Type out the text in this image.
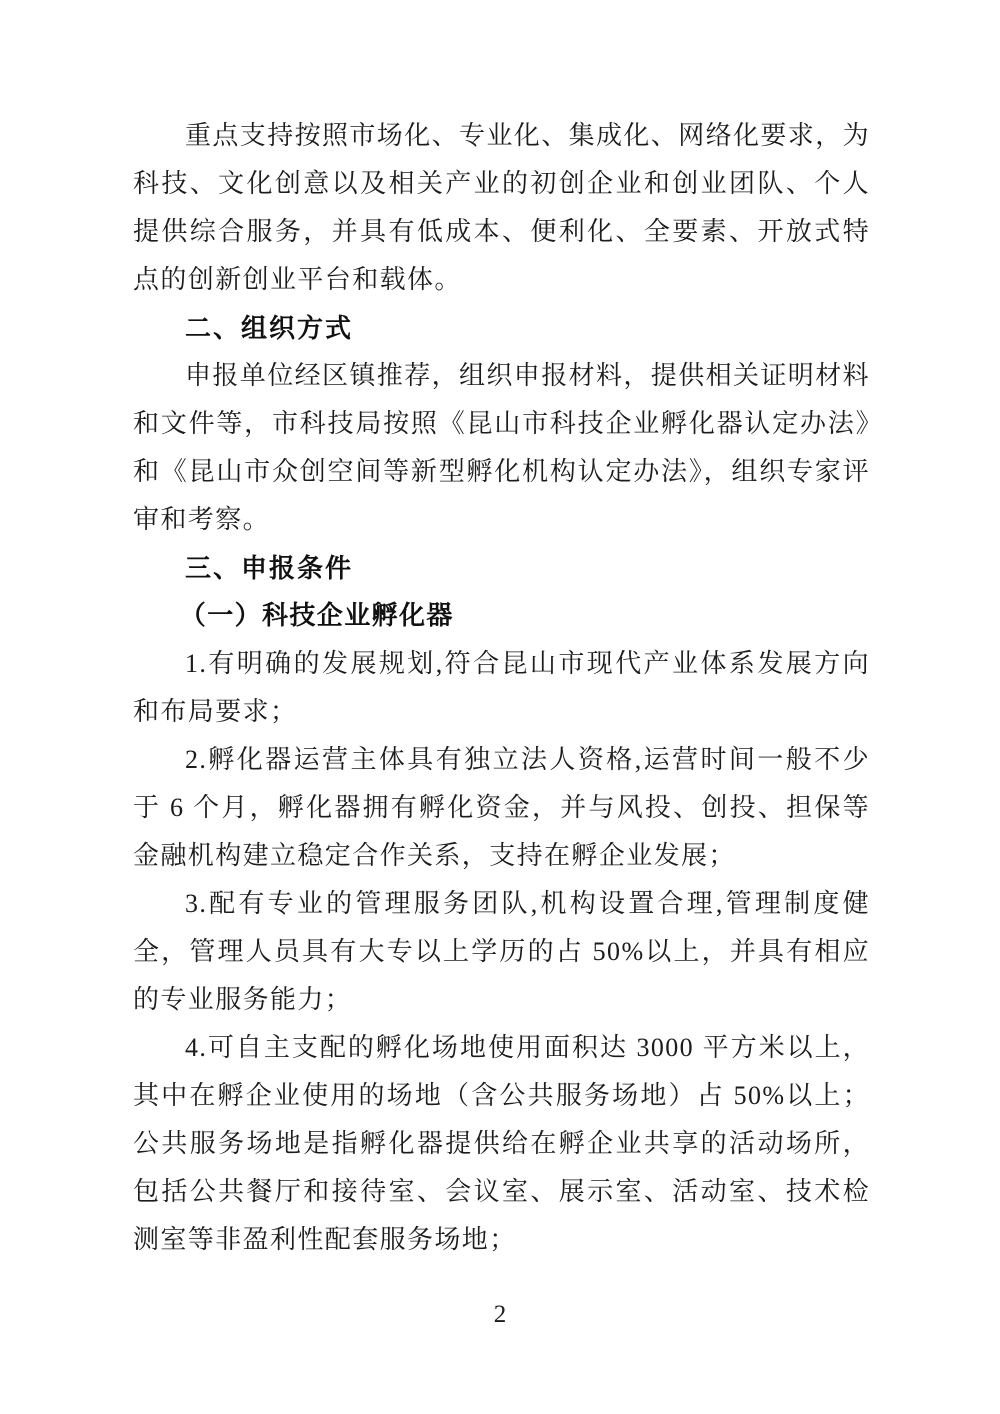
重点支持按照市场化、专业化、集成化、网络化要求，为科技、文化创意以及相关产业的初创企业和创业团队、个人提供综合服务，并具有低成本、便利化、全要素、开放式特点的创新创业平台和载体。

二、组织方式

申报单位经区镇推荐，组织申报材料，提供相关证明材料和文件等，市科技局按照《昆山市科技企业孵化器认定办法》和《昆山市众创空间等新型孵化机构认定办法》，组织专家评审和考察。

三、申报条件

（一）科技企业孵化器

1.有明确的发展规划,符合昆山市现代产业体系发展方向和布局要求；

2.孵化器运营主体具有独立法人资格,运营时间一般不少于 6 个月，孵化器拥有孵化资金，并与风投、创投、担保等金融机构建立稳定合作关系，支持在孵企业发展；

3.配有专业的管理服务团队,机构设置合理,管理制度健全，管理人员具有大专以上学历的占 50%以上，并具有相应的专业服务能力；

4.可自主支配的孵化场地使用面积达 3000 平方米以上，其中在孵企业使用的场地（含公共服务场地）占 50%以上；公共服务场地是指孵化器提供给在孵企业共享的活动场所，包括公共餐厅和接待室、会议室、展示室、活动室、技术检测室等非盈利性配套服务场地；

2
